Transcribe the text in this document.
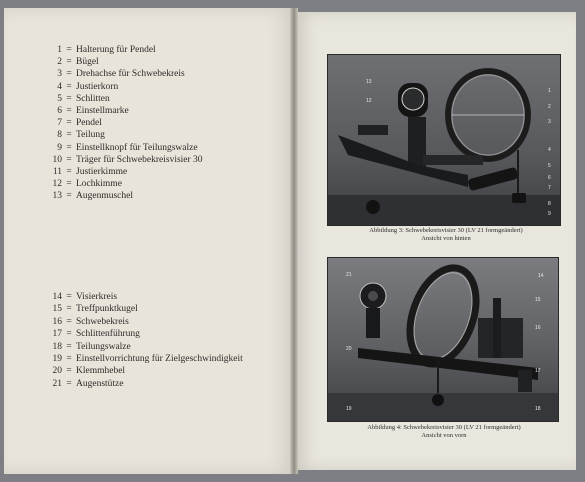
1 = Halterung für Pendel
2 = Bügel
3 = Drehachse für Schwebekreis
4 = Justierkorn
5 = Schlitten
6 = Einstellmarke
7 = Pendel
8 = Teilung
9 = Einstellknopf für Teilungswalze
10 = Träger für Schwebekreisvisier 30
11 = Justierkimme
12 = Lochkimme
13 = Augenmuschel
14 = Visierkreis
15 = Treffpunktkugel
16 = Schwebekreis
17 = Schlittenführung
18 = Teilungswalze
19 = Einstellvorrichtung für Zielgeschwindigkeit
20 = Klemmhebel
21 = Augenstütze
13
12
1
2
3
4
5
6
7
8
9
Abbildung 3: Schwebekreisvisier 30 (LV 21 formgeändert)
Ansicht von hinten
21	14
15
16
20
17
19	18
Abbildung 4: Schwebekreisvisier 30 (LV 21 formgeändert)
Ansicht von vorn
